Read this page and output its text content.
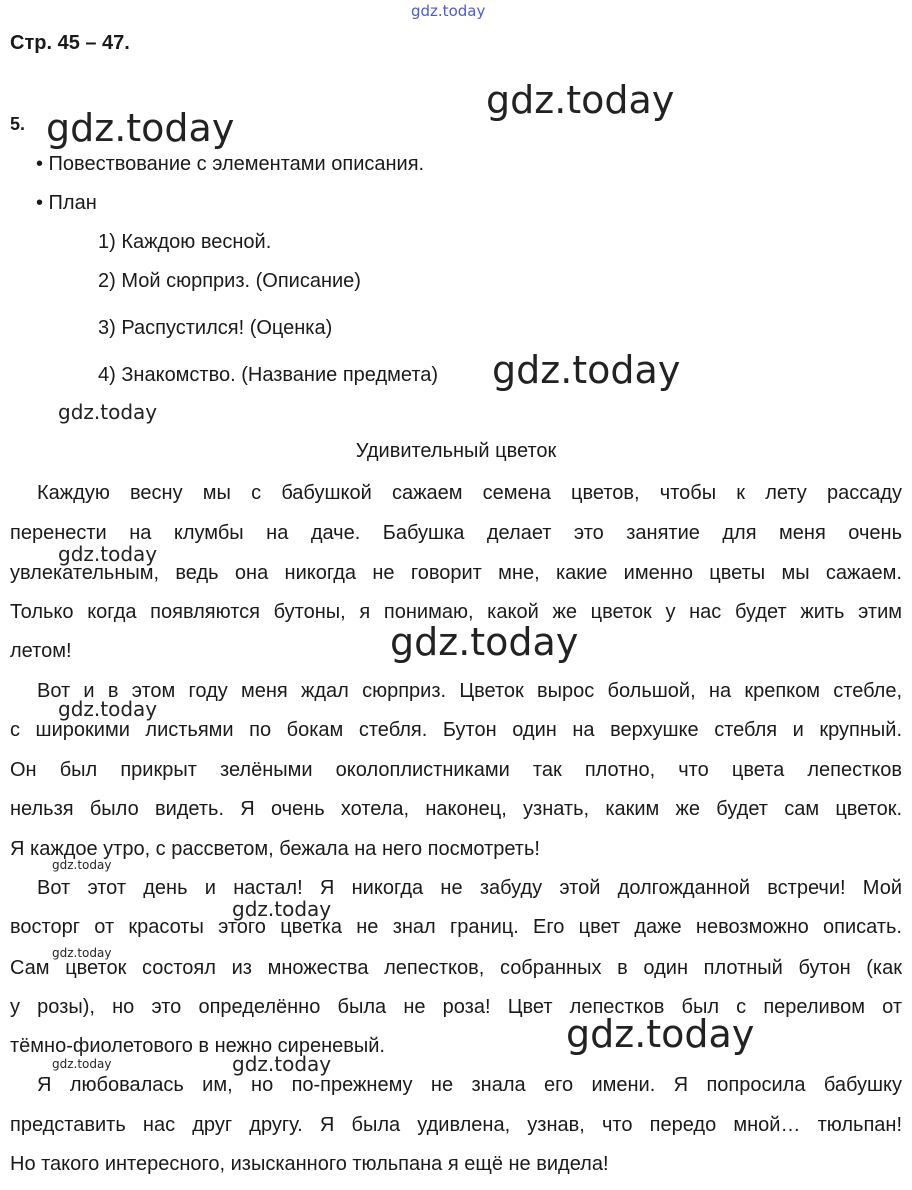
gdz.today
gdz.today
gdz.today
gdz.today
gdz.today
gdz.today
gdz.today
gdz.today
gdz.today
gdz.today
gdz.today
gdz.today
gdz.today	gdz.today
Стр. 45 – 47.
5.
• Повествование с элементами описания.
• План
1) Каждою весной.
2) Мой сюрприз. (Описание)
3) Распустился! (Оценка)
4) Знакомство. (Название предмета)
Удивительный цветок
Каждую весну мы с бабушкой сажаем семена цветов, чтобы к лету рассаду
перенести на клумбы на даче. Бабушка делает это занятие для меня очень
увлекательным, ведь она никогда не говорит мне, какие именно цветы мы сажаем.
Только когда появляются бутоны, я понимаю, какой же цветок у нас будет жить этим
летом!
Вот и в этом году меня ждал сюрприз. Цветок вырос большой, на крепком стебле,
с широкими листьями по бокам стебля. Бутон один на верхушке стебля и крупный.
Он был прикрыт зелёными околоплистниками так плотно, что цвета лепестков
нельзя было видеть. Я очень хотела, наконец, узнать, каким же будет сам цветок.
Я каждое утро, с рассветом, бежала на него посмотреть!
Вот этот день и настал! Я никогда не забуду этой долгожданной встречи! Мой
восторг от красоты этого цветка не знал границ. Его цвет даже невозможно описать.
Сам цветок состоял из множества лепестков, собранных в один плотный бутон (как
у розы), но это определённо была не роза! Цвет лепестков был с переливом от
тёмно-фиолетового в нежно сиреневый.
Я любовалась им, но по-прежнему не знала его имени. Я попросила бабушку
представить нас друг другу. Я была удивлена, узнав, что передо мной… тюльпан!
Но такого интересного, изысканного тюльпана я ещё не видела!
